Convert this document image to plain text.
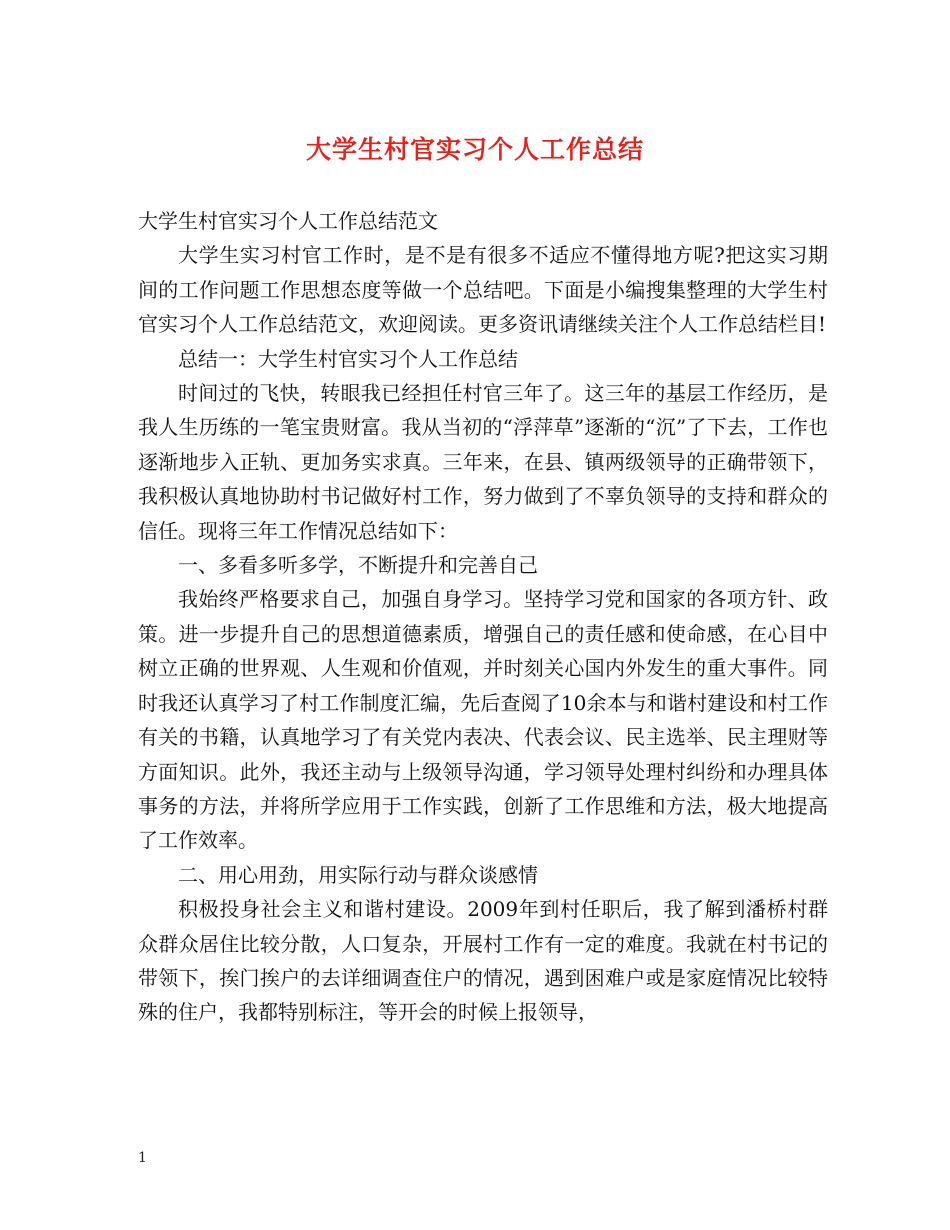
大学生村官实习个人工作总结

大学生村官实习个人工作总结范文

大学生实习村官工作时，是不是有很多不适应不懂得地方呢?把这实习期间的工作问题工作思想态度等做一个总结吧。下面是小编搜集整理的大学生村官实习个人工作总结范文，欢迎阅读。更多资讯请继续关注个人工作总结栏目!

总结一：大学生村官实习个人工作总结

时间过的飞快，转眼我已经担任村官三年了。这三年的基层工作经历，是我人生历练的一笔宝贵财富。我从当初的“浮萍草”逐渐的“沉”了下去，工作也逐渐地步入正轨、更加务实求真。三年来，在县、镇两级领导的正确带领下，我积极认真地协助村书记做好村工作，努力做到了不辜负领导的支持和群众的信任。现将三年工作情况总结如下：

一、多看多听多学，不断提升和完善自己

我始终严格要求自己，加强自身学习。坚持学习党和国家的各项方针、政策。进一步提升自己的思想道德素质，增强自己的责任感和使命感，在心目中树立正确的世界观、人生观和价值观，并时刻关心国内外发生的重大事件。同时我还认真学习了村工作制度汇编，先后查阅了10余本与和谐村建设和村工作有关的书籍，认真地学习了有关党内表决、代表会议、民主选举、民主理财等方面知识。此外，我还主动与上级领导沟通，学习领导处理村纠纷和办理具体事务的方法，并将所学应用于工作实践，创新了工作思维和方法，极大地提高了工作效率。

二、用心用劲，用实际行动与群众谈感情

积极投身社会主义和谐村建设。2009年到村任职后，我了解到潘桥村群众群众居住比较分散，人口复杂，开展村工作有一定的难度。我就在村书记的带领下，挨门挨户的去详细调查住户的情况，遇到困难户或是家庭情况比较特殊的住户，我都特别标注，等开会的时候上报领导，

1
